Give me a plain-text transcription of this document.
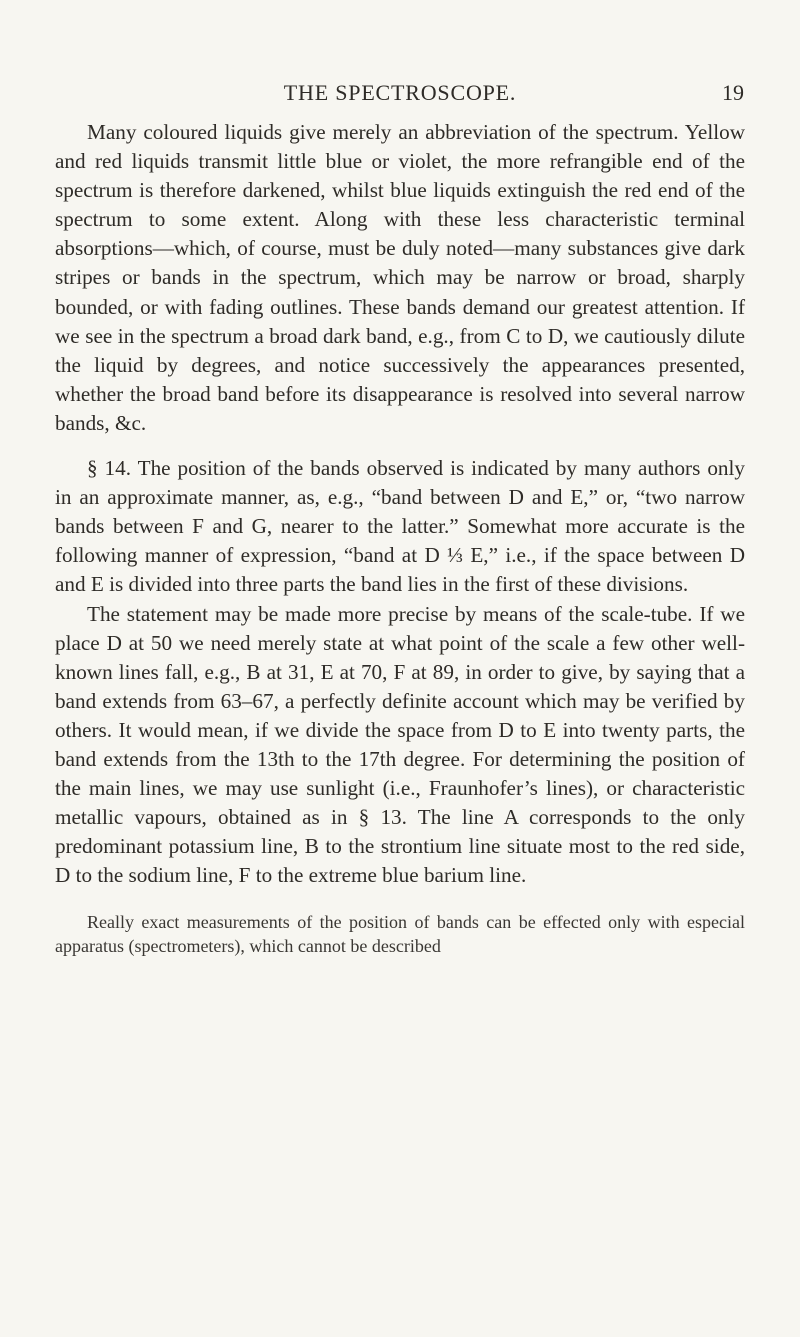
THE SPECTROSCOPE.	19

Many coloured liquids give merely an abbreviation of the spectrum. Yellow and red liquids transmit little blue or violet, the more refrangible end of the spectrum is therefore darkened, whilst blue liquids extinguish the red end of the spectrum to some extent. Along with these less characteristic terminal absorptions—which, of course, must be duly noted—many substances give dark stripes or bands in the spectrum, which may be narrow or broad, sharply bounded, or with fading outlines. These bands demand our greatest attention. If we see in the spectrum a broad dark band, e.g., from C to D, we cautiously dilute the liquid by degrees, and notice successively the appearances presented, whether the broad band before its disappearance is resolved into several narrow bands, &c.

§ 14. The position of the bands observed is indicated by many authors only in an approximate manner, as, e.g., “band between D and E,” or, “two narrow bands between F and G, nearer to the latter.” Somewhat more accurate is the following manner of expression, “band at D ⅓ E,” i.e., if the space between D and E is divided into three parts the band lies in the first of these divisions.

The statement may be made more precise by means of the scale-tube. If we place D at 50 we need merely state at what point of the scale a few other well-known lines fall, e.g., B at 31, E at 70, F at 89, in order to give, by saying that a band extends from 63–67, a perfectly definite account which may be verified by others. It would mean, if we divide the space from D to E into twenty parts, the band extends from the 13th to the 17th degree. For determining the position of the main lines, we may use sunlight (i.e., Fraunhofer’s lines), or characteristic metallic vapours, obtained as in § 13. The line A corresponds to the only predominant potassium line, B to the strontium line situate most to the red side, D to the sodium line, F to the extreme blue barium line.

Really exact measurements of the position of bands can be effected only with especial apparatus (spectrometers), which cannot be described
